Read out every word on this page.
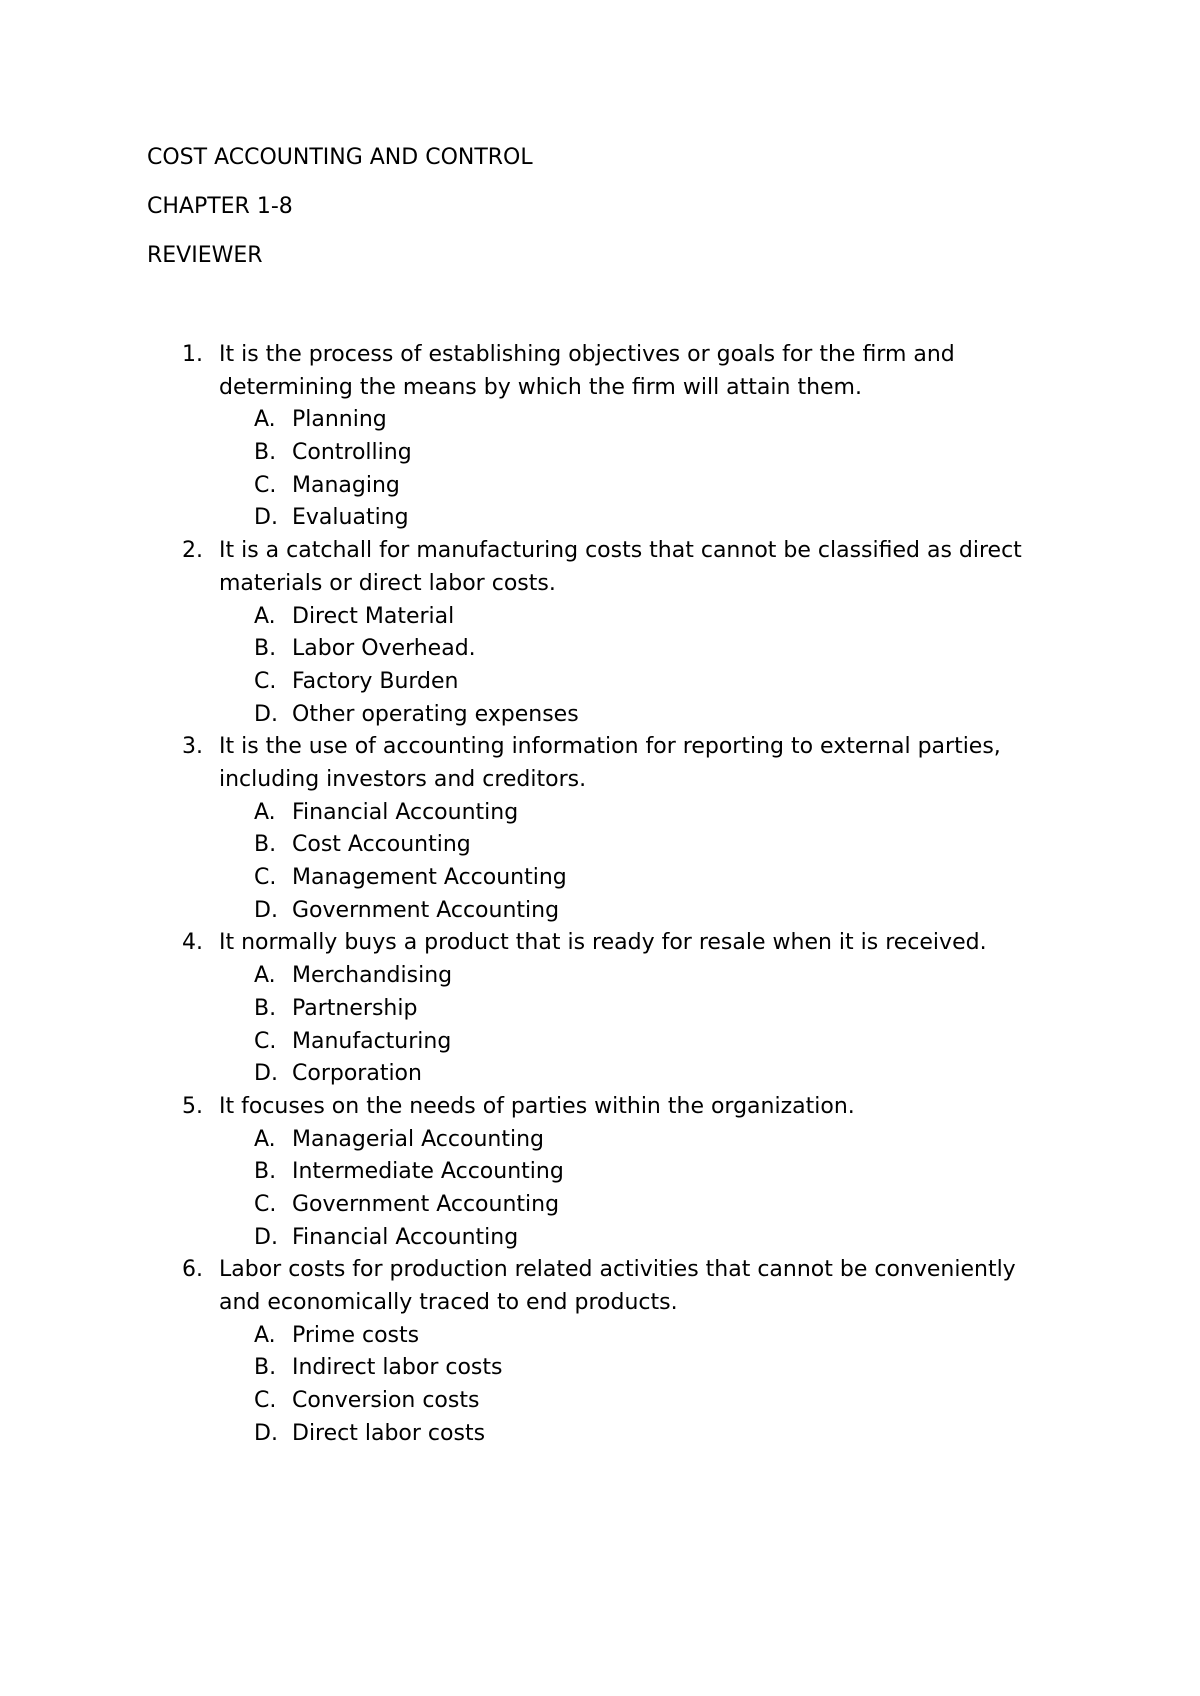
COST ACCOUNTING AND CONTROL
CHAPTER 1-8
REVIEWER
1. It is the process of establishing objectives or goals for the firm and determining the means by which the firm will attain them.

A. Planning
B. Controlling
C. Managing
D. Evaluating
2. It is a catchall for manufacturing costs that cannot be classified as direct materials or direct labor costs.

A. Direct Material
B. Labor Overhead.
C. Factory Burden
D. Other operating expenses
3. It is the use of accounting information for reporting to external parties, including investors and creditors.

A. Financial Accounting
B. Cost Accounting
C. Management Accounting
D. Government Accounting
4. It normally buys a product that is ready for resale when it is received.

A. Merchandising
B. Partnership
C. Manufacturing
D. Corporation
5. It focuses on the needs of parties within the organization.

A. Managerial Accounting
B. Intermediate Accounting
C. Government Accounting
D. Financial Accounting
6. Labor costs for production related activities that cannot be conveniently and economically traced to end products.

A. Prime costs
B. Indirect labor costs
C. Conversion costs
D. Direct labor costs
